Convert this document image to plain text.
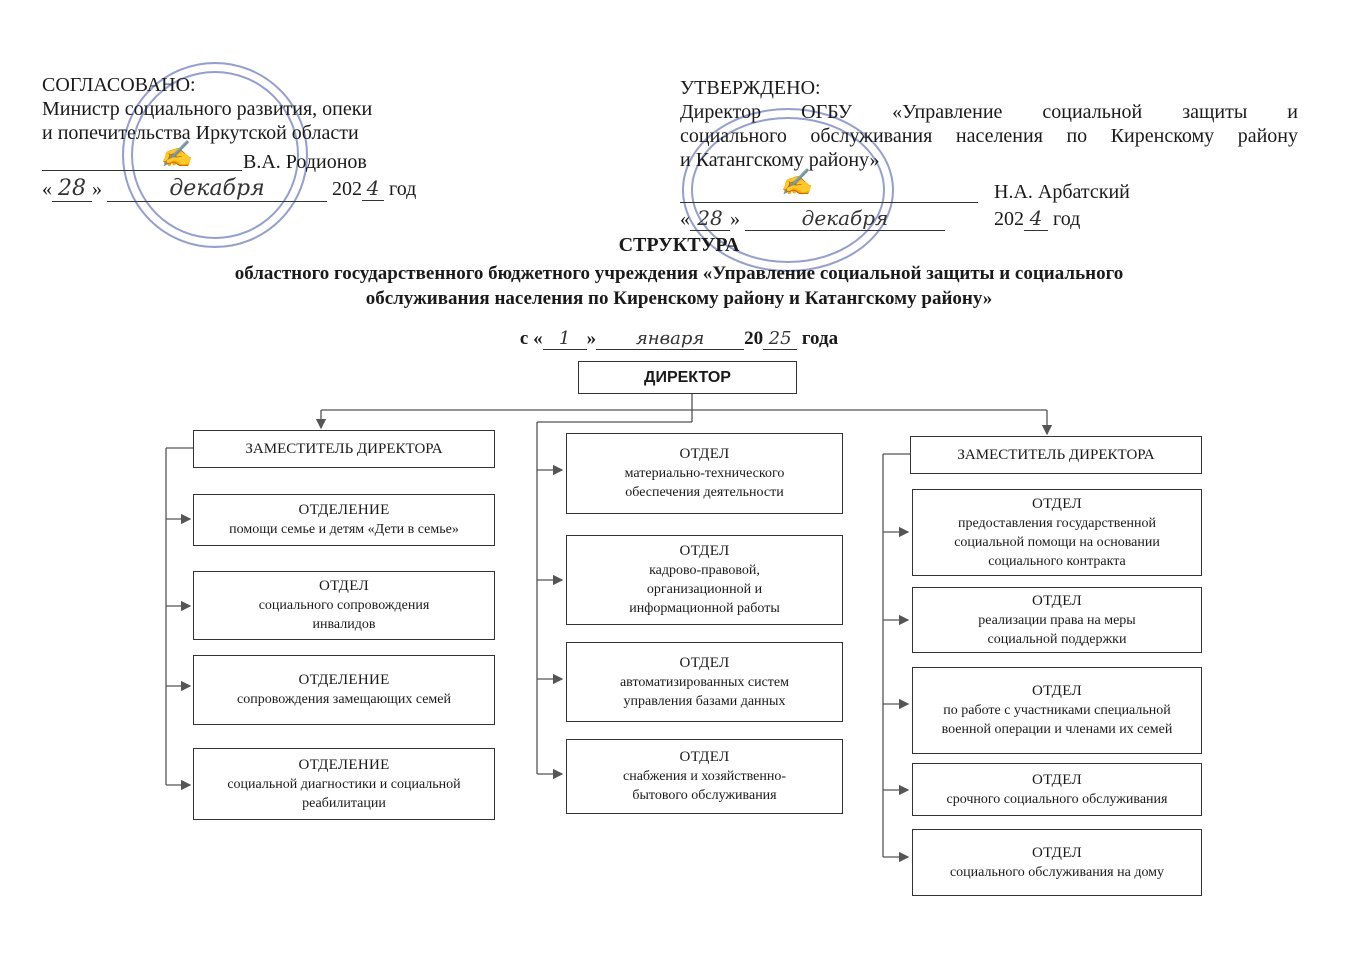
СОГЛАСОВАНО:
Министр социального развития, опеки
и попечительства Иркутской области
В.А. Родионов
« 28 »	декабря	202 4 год
✍
УТВЕРЖДЕНО:
Директор ОГБУ «Управление социальной защиты и
социального обслуживания населения по Киренскому району
и Катангскому району»
Н.А. Арбатский
✍
« 28 »	декабря	202 4 год
СТРУКТУРА
областного государственного бюджетного учреждения «Управление социальной защиты и социального
обслуживания населения по Киренскому району и Катангскому району»
с « 1 » января 20 25 года
ДИРЕКТОР
ЗАМЕСТИТЕЛЬ ДИРЕКТОРА	ЗАМЕСТИТЕЛЬ ДИРЕКТОРА
ОТДЕЛЕНИЕ
помощи семье и детям «Дети в семье»
ОТДЕЛ
социального сопровождения инвалидов
ОТДЕЛЕНИЕ
сопровождения замещающих семей
ОТДЕЛЕНИЕ
социальной диагностики и социальной реабилитации
ОТДЕЛ
материально-технического обеспечения деятельности
ОТДЕЛ
кадрово-правовой, организационной и информационной работы
ОТДЕЛ
автоматизированных систем управления базами данных
ОТДЕЛ
снабжения и хозяйственно-бытового обслуживания
ОТДЕЛ
предоставления государственной социальной помощи на основании социального контракта
ОТДЕЛ
реализации права на меры социальной поддержки
ОТДЕЛ
по работе с участниками специальной военной операции и членами их семей
ОТДЕЛ
срочного социального обслуживания
ОТДЕЛ
социального обслуживания на дому
